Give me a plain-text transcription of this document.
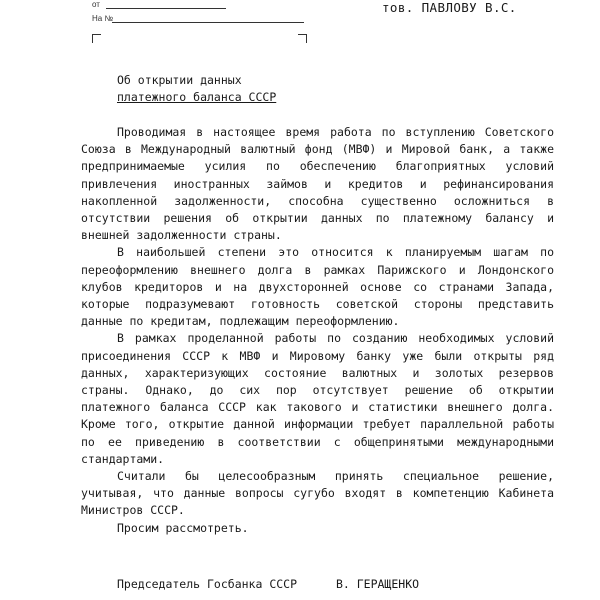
от
На №
тов. ПАВЛОВУ В.С.
Об открытии данных
платежного баланса СССР

Проводимая в настоящее время работа по вступлению Советского Союза в Международный валютный фонд (МВФ) и Мировой банк, а также предпринимаемые усилия по обеспечению благоприятных условий привлечения иностранных займов и кредитов и рефинансирования накопленной задолженности, способна существенно осложниться в отсутствии решения об открытии данных по платежному балансу и внешней задолженности страны.

В наибольшей степени это относится к планируемым шагам по переоформлению внешнего долга в рамках Парижского и Лондонского клубов кредиторов и на двухсторонней основе со странами Запада, которые подразумевают готовность советской стороны представить данные по кредитам, подлежащим переоформлению.

В рамках проделанной работы по созданию необходимых условий присоединения СССР к МВФ и Мировому банку уже были открыты ряд данных, характеризующих состояние валютных и золотых резервов страны. Однако, до сих пор отсутствует решение об открытии платежного баланса СССР как такового и статистики внешнего долга. Кроме того, открытие данной информации требует параллельной работы по ее приведению в соответствии с общепринятыми международными стандартами.

Считали бы целесообразным принять специальное решение, учитывая, что данные вопросы сугубо входят в компетенцию Кабинета Министров СССР.

Просим рассмотреть.

Председатель Госбанка СССР	В. ГЕРАЩЕНКО
